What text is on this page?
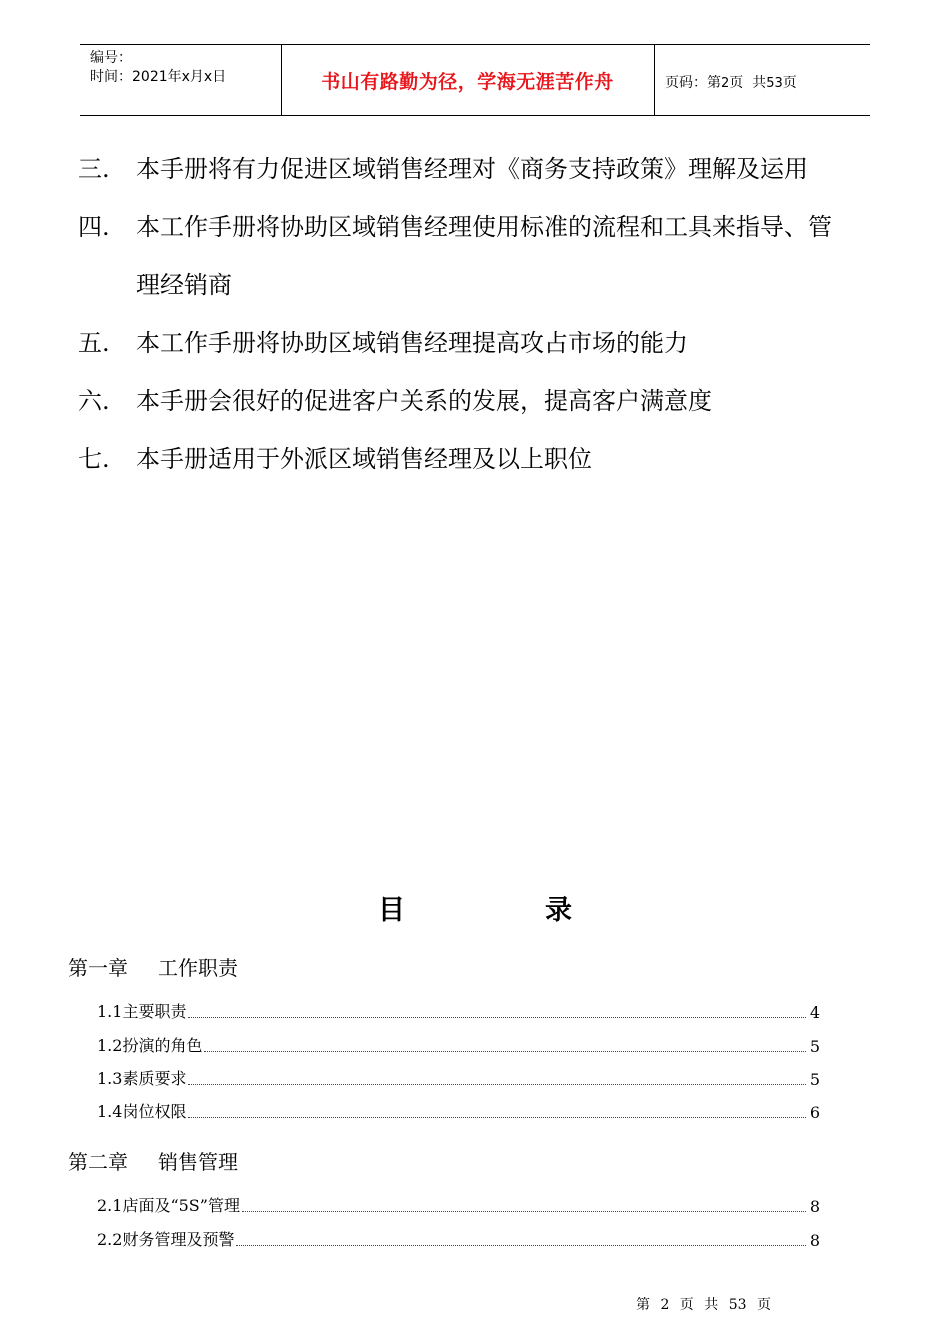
编号：
时间：2021年x月x日	书山有路勤为径，学海无涯苦作舟	页码：第2页  共53页
三.	本手册将有力促进区域销售经理对《商务支持政策》理解及运用
四.	本工作手册将协助区域销售经理使用标准的流程和工具来指导、管
理经销商
五.	本工作手册将协助区域销售经理提高攻占市场的能力
六.	本手册会很好的促进客户关系的发展，提高客户满意度
七.	本手册适用于外派区域销售经理及以上职位
目	录
第一章 工作职责
1.1主要职责	4
1.2扮演的角色	5
1.3素质要求	5
1.4岗位权限	6
第二章 销售管理
2.1店面及“5S”管理	8
2.2财务管理及预警	8
第 2 页 共 53 页
